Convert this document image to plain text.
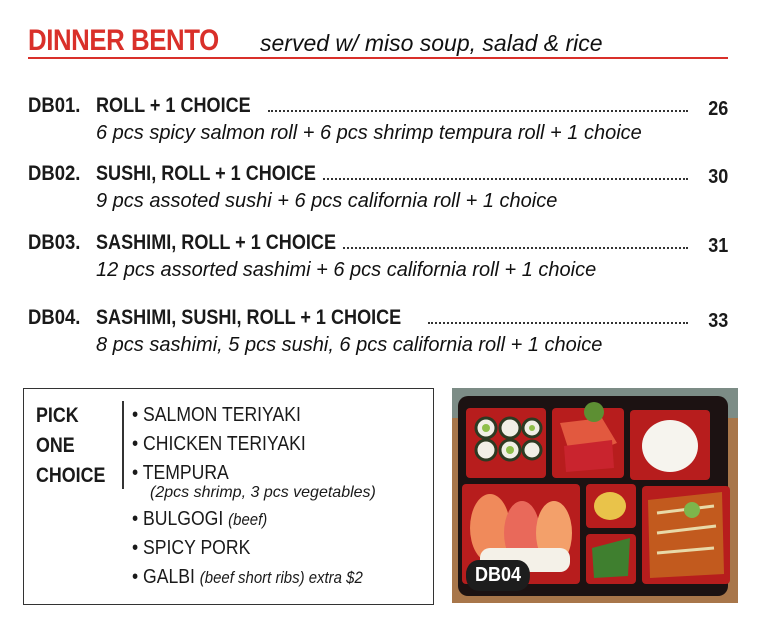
DINNER BENTO served w/ miso soup, salad & rice
DB01. ROLL + 1 CHOICE	26
6 pcs spicy salmon roll + 6 pcs shrimp tempura roll + 1 choice
DB02. SUSHI, ROLL + 1 CHOICE	30
9 pcs assoted sushi + 6 pcs california roll + 1 choice
DB03. SASHIMI, ROLL + 1 CHOICE	31
12 pcs assorted sashimi + 6 pcs california roll + 1 choice
DB04. SASHIMI, SUSHI, ROLL + 1 CHOICE	33
8 pcs sashimi, 5 pcs sushi, 6 pcs california roll + 1 choice
PICK
ONE
CHOICE
• SALMON TERIYAKI
• CHICKEN TERIYAKI
• TEMPURA
(2pcs shrimp, 3 pcs vegetables)
• BULGOGI (beef)
• SPICY PORK
• GALBI (beef short ribs) extra $2	DB04
